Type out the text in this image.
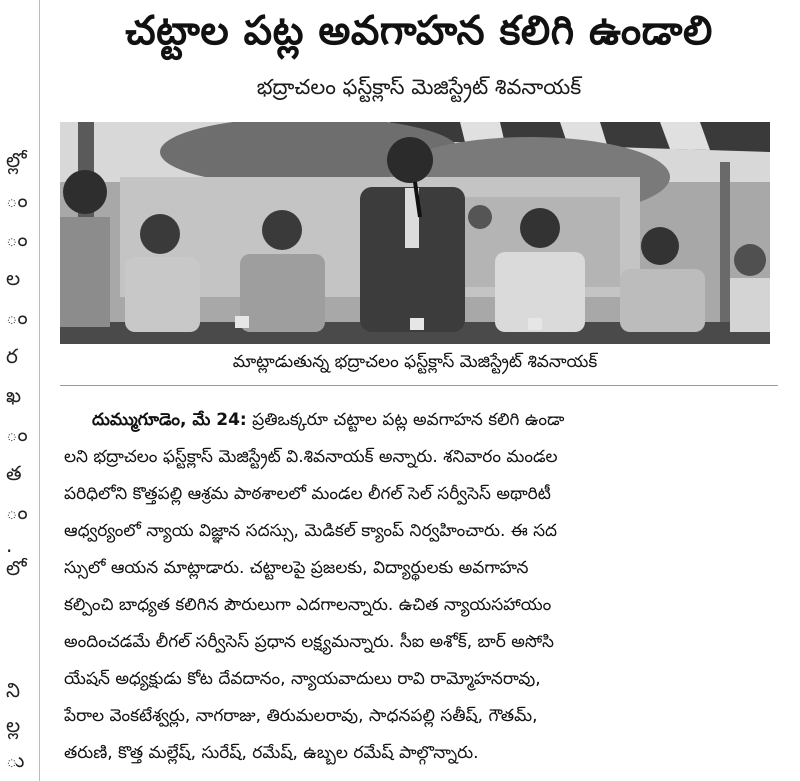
ల్లో
ం
ం
ల
ం
ర
ఖ
ం
త
ం
.
లో
ని
ల్ల
ు
చట్టాల పట్ల అవగాహన కలిగి ఉండాలి
భద్రాచలం ఫస్ట్‌క్లాస్ మెజిస్ట్రేట్ శివనాయక్
మాట్లాడుతున్న భద్రాచలం ఫస్ట్‌క్లాస్ మెజిస్ట్రేట్ శివనాయక్
దుమ్ముగూడెం, మే 24: ప్రతిఒక్కరూ చట్టాల పట్ల అవగాహన కలిగి ఉండా
లని భద్రాచలం ఫస్ట్‌క్లాస్ మెజిస్ట్రేట్ వి.శివనాయక్ అన్నారు. శనివారం మండల
పరిధిలోని కొత్తపల్లి ఆశ్రమ పాఠశాలలో మండల లీగల్ సెల్ సర్వీసెస్ అథారిటీ
ఆధ్వర్యంలో న్యాయ విజ్ఞాన సదస్సు, మెడికల్ క్యాంప్ నిర్వహించారు. ఈ సద
స్సులో ఆయన మాట్లాడారు. చట్టాలపై ప్రజలకు, విద్యార్థులకు అవగాహన
కల్పించి బాధ్యత కలిగిన పౌరులుగా ఎదగాలన్నారు. ఉచిత న్యాయసహాయం
అందించడమే లీగల్ సర్వీసెస్ ప్రధాన లక్ష్యమన్నారు. సీఐ అశోక్, బార్ అసోసి
యేషన్ అధ్యక్షుడు కోట దేవదానం, న్యాయవాదులు రావి రామ్మోహనరావు,
పేరాల వెంకటేశ్వర్లు, నాగరాజు, తిరుమలరావు, సాధనపల్లి సతీష్, గౌతమ్,
తరుణి, కొత్త మల్లేష్, సురేష్, రమేష్, ఉబ్బల రమేష్ పాల్గొన్నారు.
